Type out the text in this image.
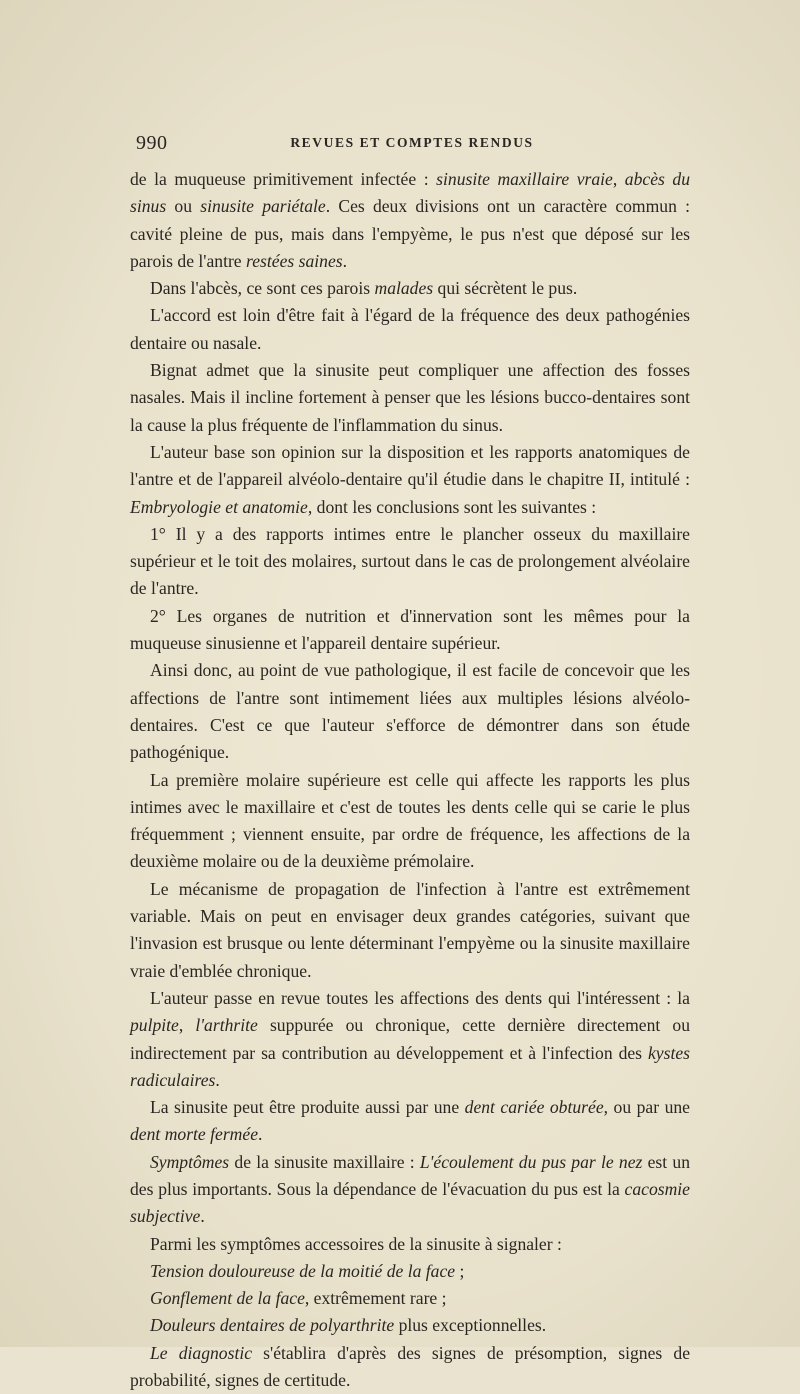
990	REVUES ET COMPTES RENDUS

de la muqueuse primitivement infectée : sinusite maxillaire vraie, abcès du sinus ou sinusite pariétale. Ces deux divisions ont un caractère commun : cavité pleine de pus, mais dans l'empyème, le pus n'est que déposé sur les parois de l'antre restées saines.

Dans l'abcès, ce sont ces parois malades qui sécrètent le pus.

L'accord est loin d'être fait à l'égard de la fréquence des deux pathogénies dentaire ou nasale.

Bignat admet que la sinusite peut compliquer une affection des fosses nasales. Mais il incline fortement à penser que les lésions bucco-dentaires sont la cause la plus fréquente de l'inflammation du sinus.

L'auteur base son opinion sur la disposition et les rapports anatomiques de l'antre et de l'appareil alvéolo-dentaire qu'il étudie dans le chapitre II, intitulé : Embryologie et anatomie, dont les conclusions sont les suivantes :

1° Il y a des rapports intimes entre le plancher osseux du maxillaire supérieur et le toit des molaires, surtout dans le cas de prolongement alvéolaire de l'antre.

2° Les organes de nutrition et d'innervation sont les mêmes pour la muqueuse sinusienne et l'appareil dentaire supérieur.

Ainsi donc, au point de vue pathologique, il est facile de concevoir que les affections de l'antre sont intimement liées aux multiples lésions alvéolo-dentaires. C'est ce que l'auteur s'efforce de démontrer dans son étude pathogénique.

La première molaire supérieure est celle qui affecte les rapports les plus intimes avec le maxillaire et c'est de toutes les dents celle qui se carie le plus fréquemment ; viennent ensuite, par ordre de fréquence, les affections de la deuxième molaire ou de la deuxième prémolaire.

Le mécanisme de propagation de l'infection à l'antre est extrêmement variable. Mais on peut en envisager deux grandes catégories, suivant que l'invasion est brusque ou lente déterminant l'empyème ou la sinusite maxillaire vraie d'emblée chronique.

L'auteur passe en revue toutes les affections des dents qui l'intéressent : la pulpite, l'arthrite suppurée ou chronique, cette dernière directement ou indirectement par sa contribution au développement et à l'infection des kystes radiculaires.

La sinusite peut être produite aussi par une dent cariée obturée, ou par une dent morte fermée.

Symptômes de la sinusite maxillaire : L'écoulement du pus par le nez est un des plus importants. Sous la dépendance de l'évacuation du pus est la cacosmie subjective.

Parmi les symptômes accessoires de la sinusite à signaler :

Tension douloureuse de la moitié de la face ;

Gonflement de la face, extrêmement rare ;

Douleurs dentaires de polyarthrite plus exceptionnelles.

Le diagnostic s'établira d'après des signes de présomption, signes de probabilité, signes de certitude.
